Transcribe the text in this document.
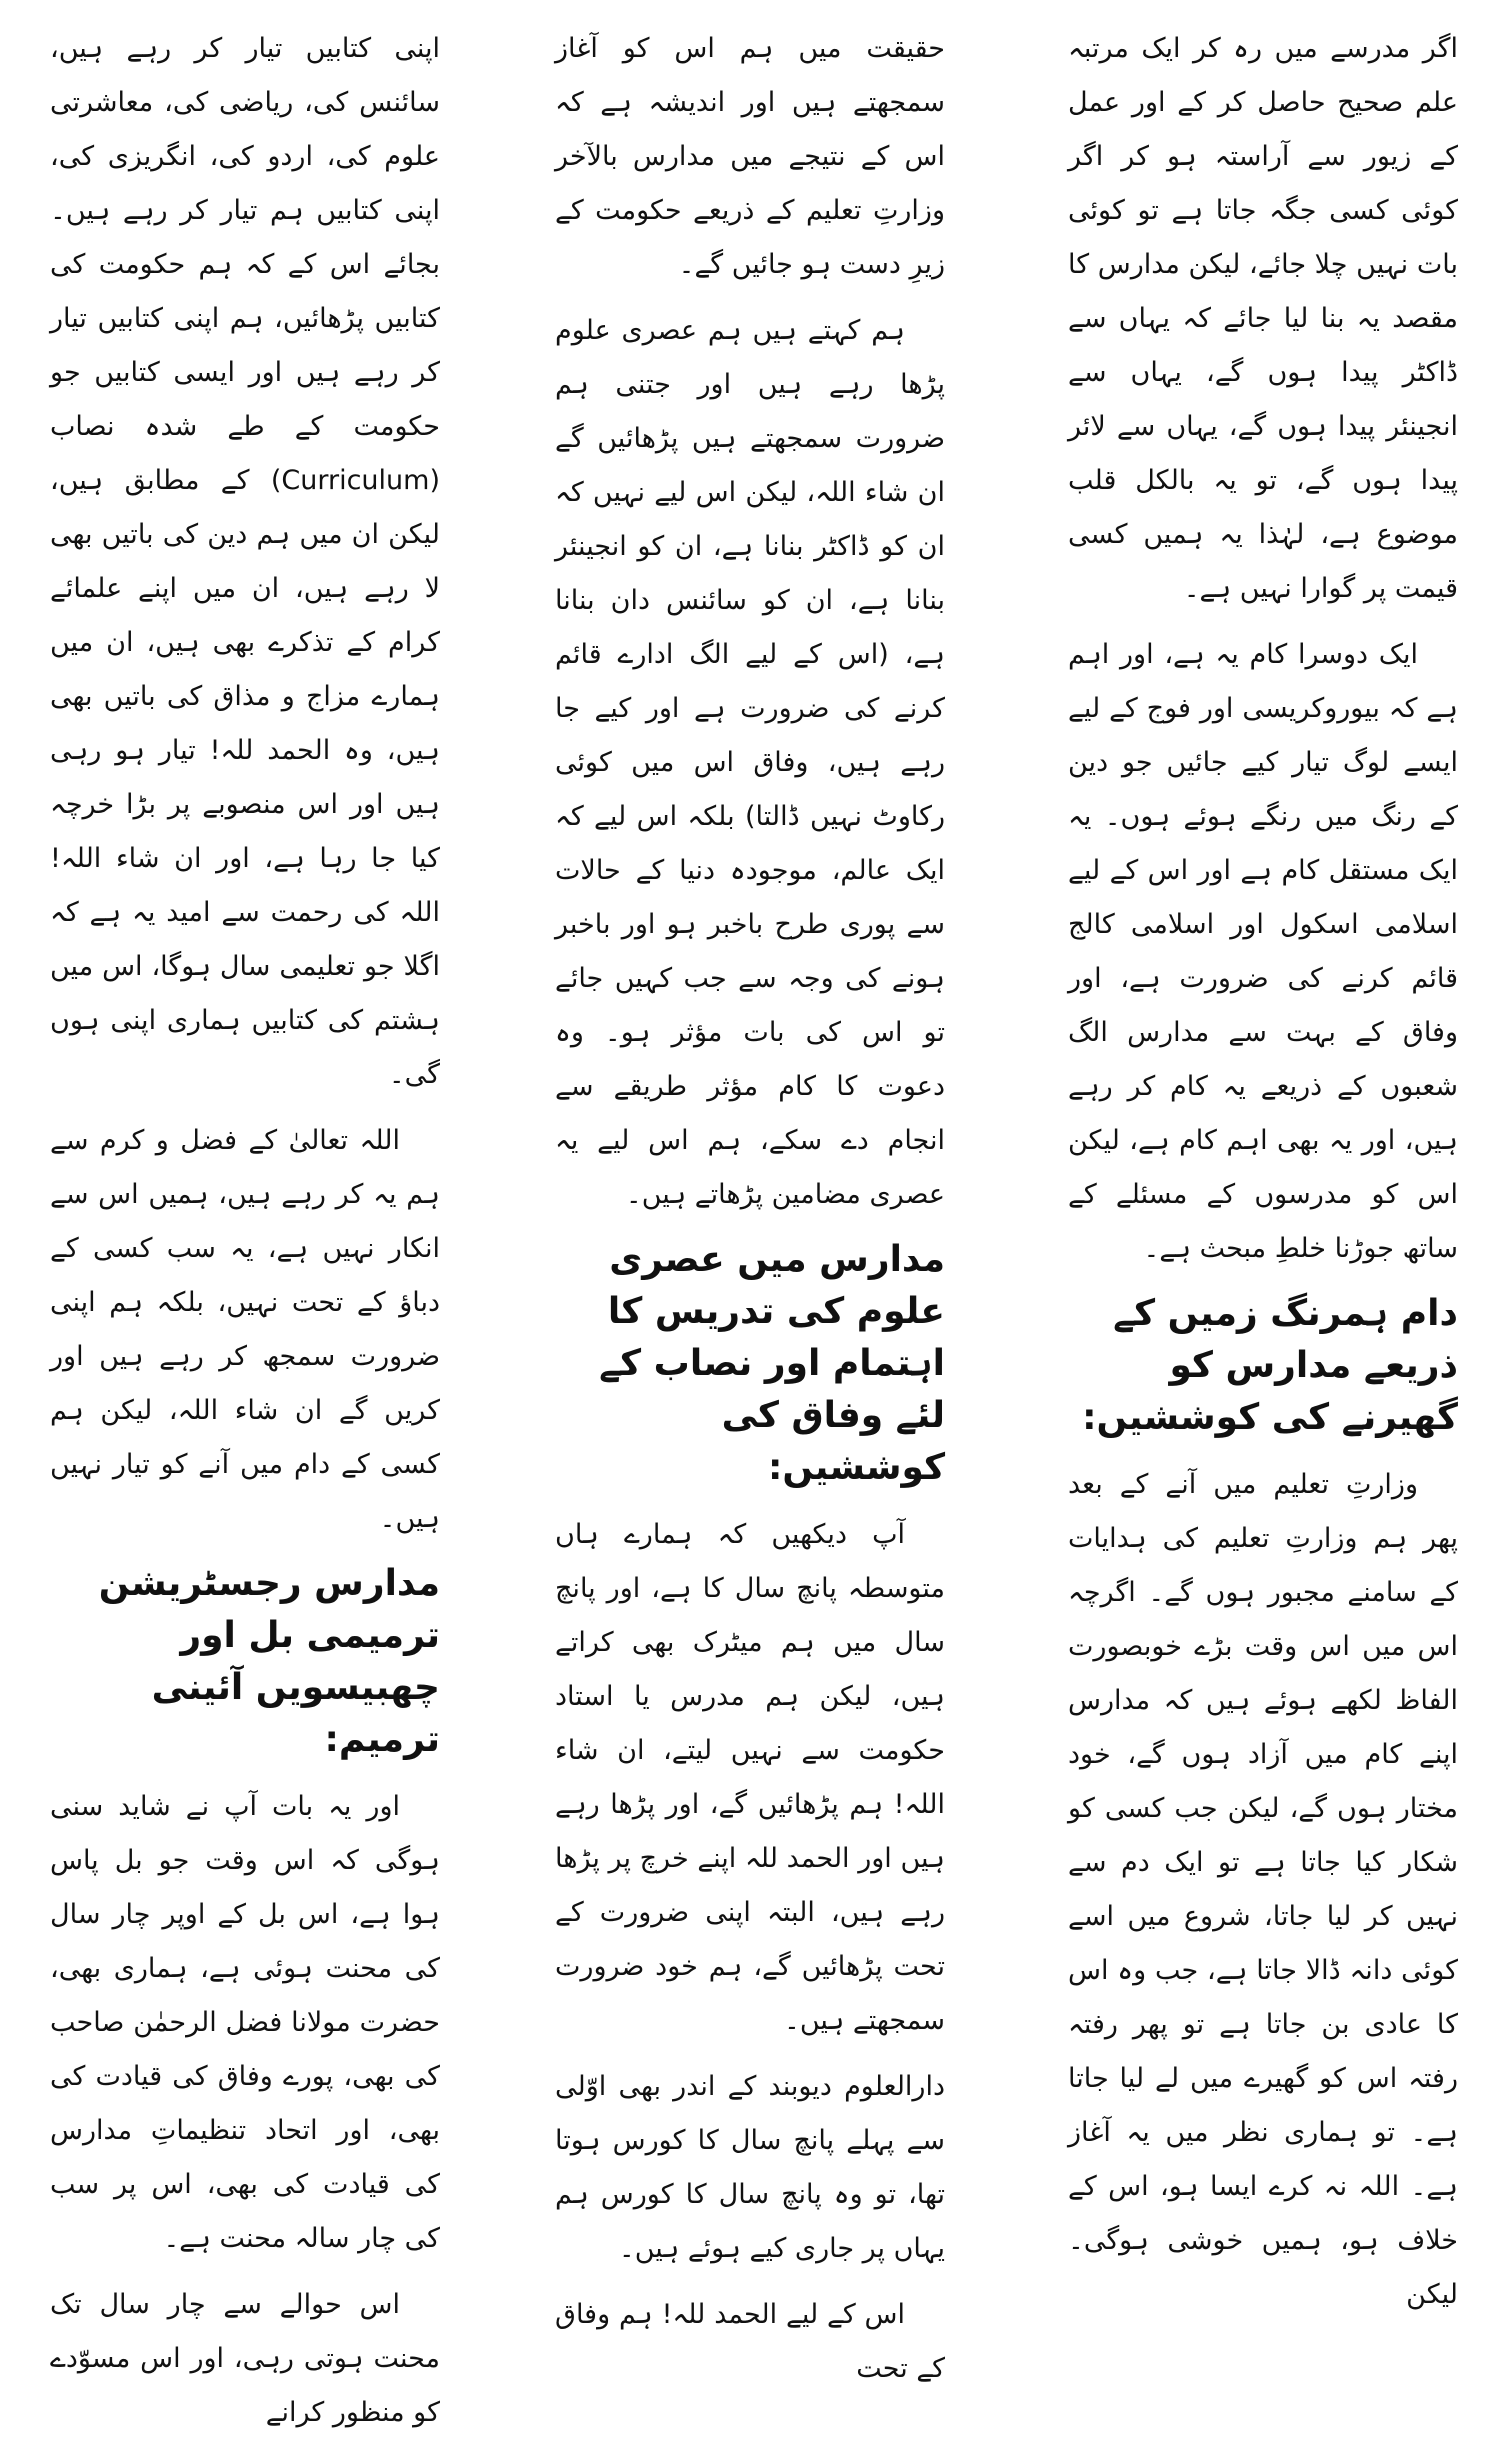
اگر مدرسے میں رہ کر ایک مرتبہ علم صحیح حاصل کر کے اور عمل کے زیور سے آراستہ ہو کر اگر کوئی کسی جگہ جاتا ہے تو کوئی بات نہیں چلا جائے، لیکن مدارس کا مقصد یہ بنا لیا جائے کہ یہاں سے ڈاکٹر پیدا ہوں گے، یہاں سے انجینئر پیدا ہوں گے، یہاں سے لائر پیدا ہوں گے، تو یہ بالکل قلب موضوع ہے، لہٰذا یہ ہمیں کسی قیمت پر گوارا نہیں ہے۔

ایک دوسرا کام یہ ہے، اور اہم ہے کہ بیوروکریسی اور فوج کے لیے ایسے لوگ تیار کیے جائیں جو دین کے رنگ میں رنگے ہوئے ہوں۔ یہ ایک مستقل کام ہے اور اس کے لیے اسلامی اسکول اور اسلامی کالج قائم کرنے کی ضرورت ہے، اور وفاق کے بہت سے مدارس الگ شعبوں کے ذریعے یہ کام کر رہے ہیں، اور یہ بھی اہم کام ہے، لیکن اس کو مدرسوں کے مسئلے کے ساتھ جوڑنا خلطِ مبحث ہے۔

دام ہمرنگ زمیں کے ذریعے مدارس کو گھیرنے کی کوششیں:

وزارتِ تعلیم میں آنے کے بعد پھر ہم وزارتِ تعلیم کی ہدایات کے سامنے مجبور ہوں گے۔ اگرچہ اس میں اس وقت بڑے خوبصورت الفاظ لکھے ہوئے ہیں کہ مدارس اپنے کام میں آزاد ہوں گے، خود مختار ہوں گے، لیکن جب کسی کو شکار کیا جاتا ہے تو ایک دم سے نہیں کر لیا جاتا، شروع میں اسے کوئی دانہ ڈالا جاتا ہے، جب وہ اس کا عادی بن جاتا ہے تو پھر رفتہ رفتہ اس کو گھیرے میں لے لیا جاتا ہے۔ تو ہماری نظر میں یہ آغاز ہے۔ اللہ نہ کرے ایسا ہو، اس کے خلاف ہو، ہمیں خوشی ہوگی۔ لیکن

حقیقت میں ہم اس کو آغاز سمجھتے ہیں اور اندیشہ ہے کہ اس کے نتیجے میں مدارس بالآخر وزارتِ تعلیم کے ذریعے حکومت کے زیرِ دست ہو جائیں گے۔

ہم کہتے ہیں ہم عصری علوم پڑھا رہے ہیں اور جتنی ہم ضرورت سمجھتے ہیں پڑھائیں گے ان شاء اللہ، لیکن اس لیے نہیں کہ ان کو ڈاکٹر بنانا ہے، ان کو انجینئر بنانا ہے، ان کو سائنس دان بنانا ہے، (اس کے لیے الگ ادارے قائم کرنے کی ضرورت ہے اور کیے جا رہے ہیں، وفاق اس میں کوئی رکاوٹ نہیں ڈالتا) بلکہ اس لیے کہ ایک عالم، موجودہ دنیا کے حالات سے پوری طرح باخبر ہو اور باخبر ہونے کی وجہ سے جب کہیں جائے تو اس کی بات مؤثر ہو۔ وہ دعوت کا کام مؤثر طریقے سے انجام دے سکے، ہم اس لیے یہ عصری مضامین پڑھاتے ہیں۔

مدارس میں عصری علوم کی تدریس کا اہتمام اور نصاب کے لئے وفاق کی کوششیں:

آپ دیکھیں کہ ہمارے ہاں متوسطہ پانچ سال کا ہے، اور پانچ سال میں ہم میٹرک بھی کراتے ہیں، لیکن ہم مدرس یا استاد حکومت سے نہیں لیتے، ان شاء اللہ! ہم پڑھائیں گے، اور پڑھا رہے ہیں اور الحمد للہ اپنے خرچ پر پڑھا رہے ہیں، البتہ اپنی ضرورت کے تحت پڑھائیں گے، ہم خود ضرورت سمجھتے ہیں۔

دارالعلوم دیوبند کے اندر بھی اوّلی سے پہلے پانچ سال کا کورس ہوتا تھا، تو وہ پانچ سال کا کورس ہم یہاں پر جاری کیے ہوئے ہیں۔

اس کے لیے الحمد للہ! ہم وفاق کے تحت

اپنی کتابیں تیار کر رہے ہیں، سائنس کی، ریاضی کی، معاشرتی علوم کی، اردو کی، انگریزی کی، اپنی کتابیں ہم تیار کر رہے ہیں۔ بجائے اس کے کہ ہم حکومت کی کتابیں پڑھائیں، ہم اپنی کتابیں تیار کر رہے ہیں اور ایسی کتابیں جو حکومت کے طے شدہ نصاب (Curriculum) کے مطابق ہیں، لیکن ان میں ہم دین کی باتیں بھی لا رہے ہیں، ان میں اپنے علمائے کرام کے تذکرے بھی ہیں، ان میں ہمارے مزاج و مذاق کی باتیں بھی ہیں، وہ الحمد للہ! تیار ہو رہی ہیں اور اس منصوبے پر بڑا خرچہ کیا جا رہا ہے، اور ان شاء اللہ! اللہ کی رحمت سے امید یہ ہے کہ اگلا جو تعلیمی سال ہوگا، اس میں ہشتم کی کتابیں ہماری اپنی ہوں گی۔

اللہ تعالیٰ کے فضل و کرم سے ہم یہ کر رہے ہیں، ہمیں اس سے انکار نہیں ہے، یہ سب کسی کے دباؤ کے تحت نہیں، بلکہ ہم اپنی ضرورت سمجھ کر رہے ہیں اور کریں گے ان شاء اللہ، لیکن ہم کسی کے دام میں آنے کو تیار نہیں ہیں۔

مدارس رجسٹریشن ترمیمی بل اور چھبیسویں آئینی ترمیم:

اور یہ بات آپ نے شاید سنی ہوگی کہ اس وقت جو بل پاس ہوا ہے، اس بل کے اوپر چار سال کی محنت ہوئی ہے، ہماری بھی، حضرت مولانا فضل الرحمٰن صاحب کی بھی، پورے وفاق کی قیادت کی بھی، اور اتحاد تنظیماتِ مدارس کی قیادت کی بھی، اس پر سب کی چار سالہ محنت ہے۔

اس حوالے سے چار سال تک محنت ہوتی رہی، اور اس مسوّدے کو منظور کرانے
